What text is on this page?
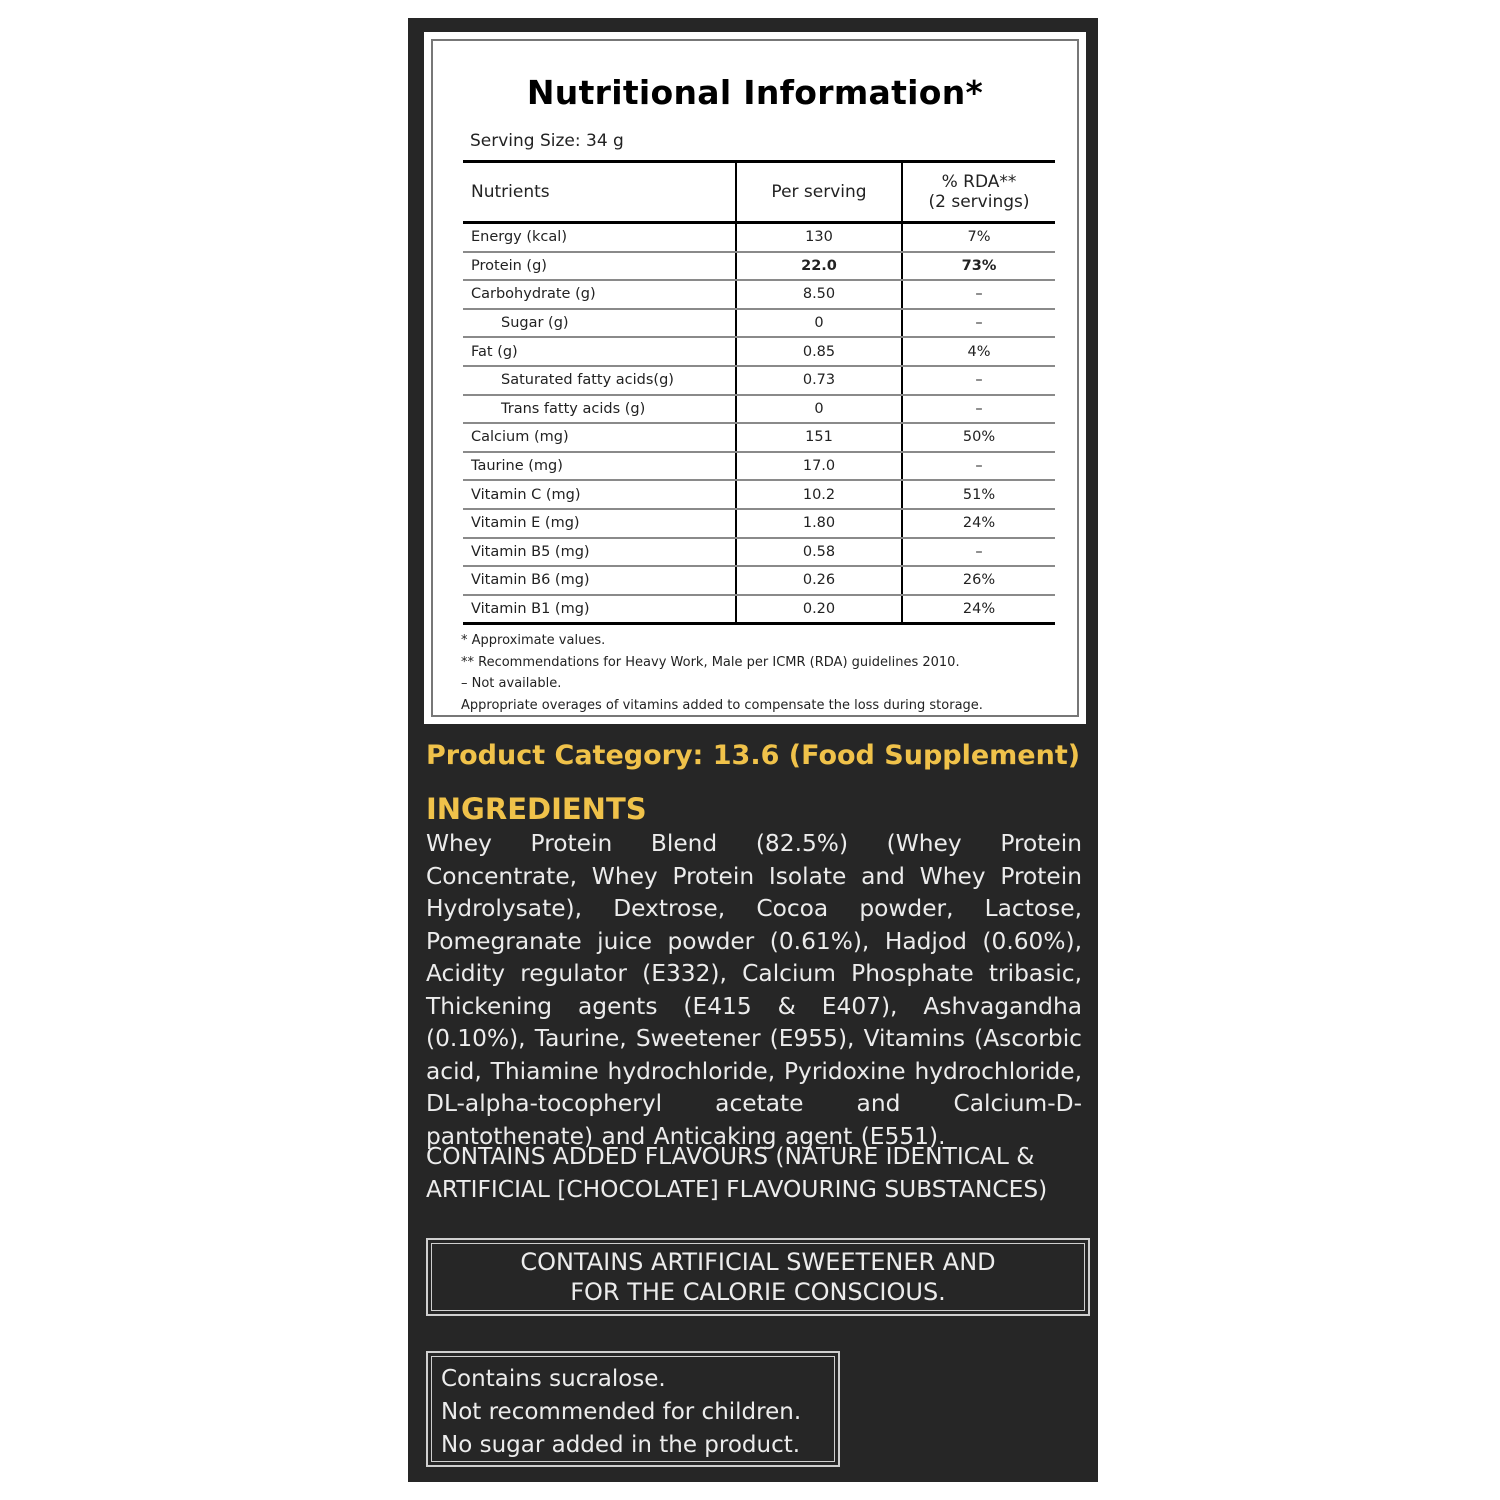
Nutritional Information*
Serving Size: 34 g
Nutrients	Per serving	% RDA**
(2 servings)
Energy (kcal)	130	7%
Protein (g)	22.0	73%
Carbohydrate (g)	8.50	–
Sugar (g)	0	–
Fat (g)	0.85	4%
Saturated fatty acids(g)	0.73	–
Trans fatty acids (g)	0	–
Calcium (mg)	151	50%
Taurine (mg)	17.0	–
Vitamin C (mg)	10.2	51%
Vitamin E (mg)	1.80	24%
Vitamin B5 (mg)	0.58	–
Vitamin B6 (mg)	0.26	26%
Vitamin B1 (mg)	0.20	24%
* Approximate values.
** Recommendations for Heavy Work, Male per ICMR (RDA) guidelines 2010.
– Not available.
Appropriate overages of vitamins added to compensate the loss during storage.
Product Category: 13.6 (Food Supplement)
INGREDIENTS
Whey Protein Blend (82.5%) (Whey Protein Concentrate, Whey Protein Isolate and Whey Protein Hydrolysate), Dextrose, Cocoa powder, Lactose, Pomegranate juice powder (0.61%), Hadjod (0.60%), Acidity regulator (E332), Calcium Phosphate tribasic, Thickening agents (E415 & E407), Ashvagandha (0.10%), Taurine, Sweetener (E955), Vitamins (Ascorbic acid, Thiamine hydrochloride, Pyridoxine hydrochloride, DL-alpha-tocopheryl acetate and Calcium-D-pantothenate) and Anticaking agent (E551).
CONTAINS ADDED FLAVOURS (NATURE IDENTICAL &
ARTIFICIAL [CHOCOLATE] FLAVOURING SUBSTANCES)
CONTAINS ARTIFICIAL SWEETENER AND
FOR THE CALORIE CONSCIOUS.
Contains sucralose.
Not recommended for children.
No sugar added in the product.
